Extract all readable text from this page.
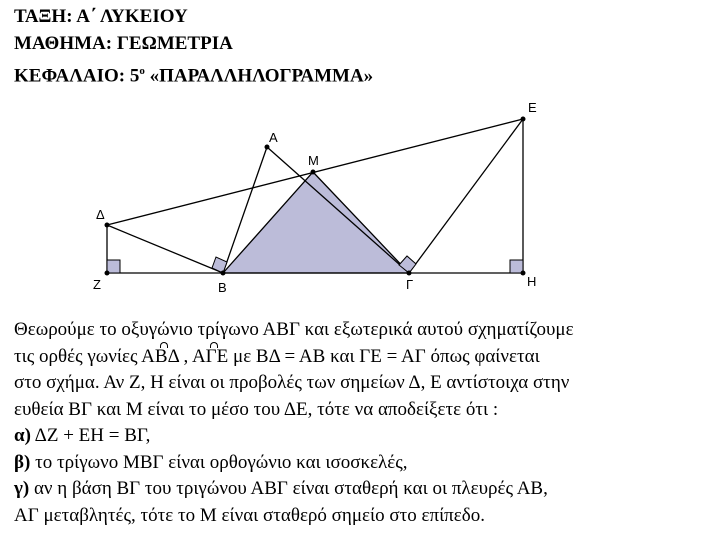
ΤΑΞΗ: Α΄ ΛΥΚΕΙΟΥ
ΜΑΘΗΜΑ: ΓΕΩΜΕΤΡΙΑ
ΚΕΦΑΛΑΙΟ: $5^o$ «ΠΑΡΑΛΛΗΛΟΓΡΑΜΜΑ»
Α
Β	Γ
Δ
Ε
Μ
Ζ	Η

Θεωρούμε το οξυγώνιο τρίγωνο ΑΒΓ και εξωτερικά αυτού σχηματίζουμε

τις ορθές γωνίες ΑΒΔ , ΑΓΕ με ΒΔ = ΑΒ και ΓΕ = ΑΓ όπως φαίνεται

στο σχήμα. Αν Ζ, Η είναι οι προβολές των σημείων Δ, Ε αντίστοιχα στην

ευθεία ΒΓ και Μ είναι το μέσο του ΔΕ, τότε να αποδείξετε ότι :

α) ΔΖ + ΕΗ = ΒΓ,

β) το τρίγωνο ΜΒΓ είναι ορθογώνιο και ισοσκελές,

γ) αν η βάση ΒΓ του τριγώνου ΑΒΓ είναι σταθερή και οι πλευρές ΑΒ,

ΑΓ μεταβλητές, τότε το Μ είναι σταθερό σημείο στο επίπεδο.
